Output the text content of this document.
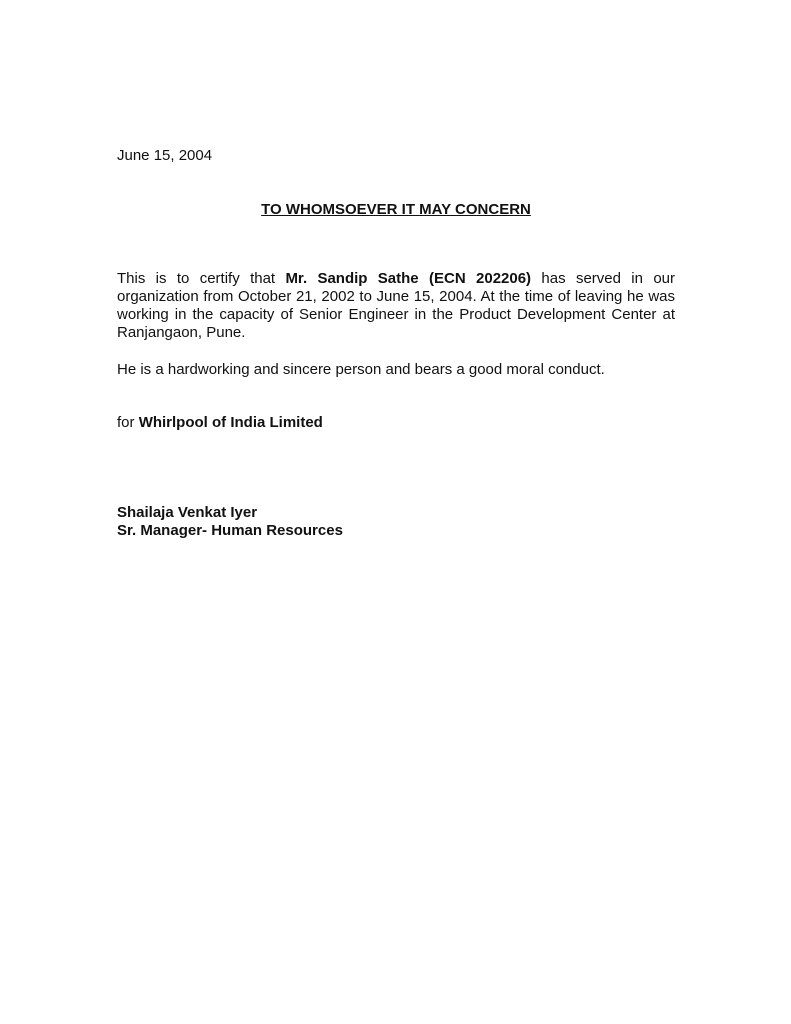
June 15, 2004
TO WHOMSOEVER IT MAY CONCERN

This is to certify that Mr. Sandip Sathe (ECN 202206) has served in our organization from October 21, 2002 to June 15, 2004. At the time of leaving he was working in the capacity of Senior Engineer in the Product Development Center at Ranjangaon, Pune.

He is a hardworking and sincere person and bears a good moral conduct.

for Whirlpool of India Limited
Shailaja Venkat Iyer
Sr. Manager- Human Resources
